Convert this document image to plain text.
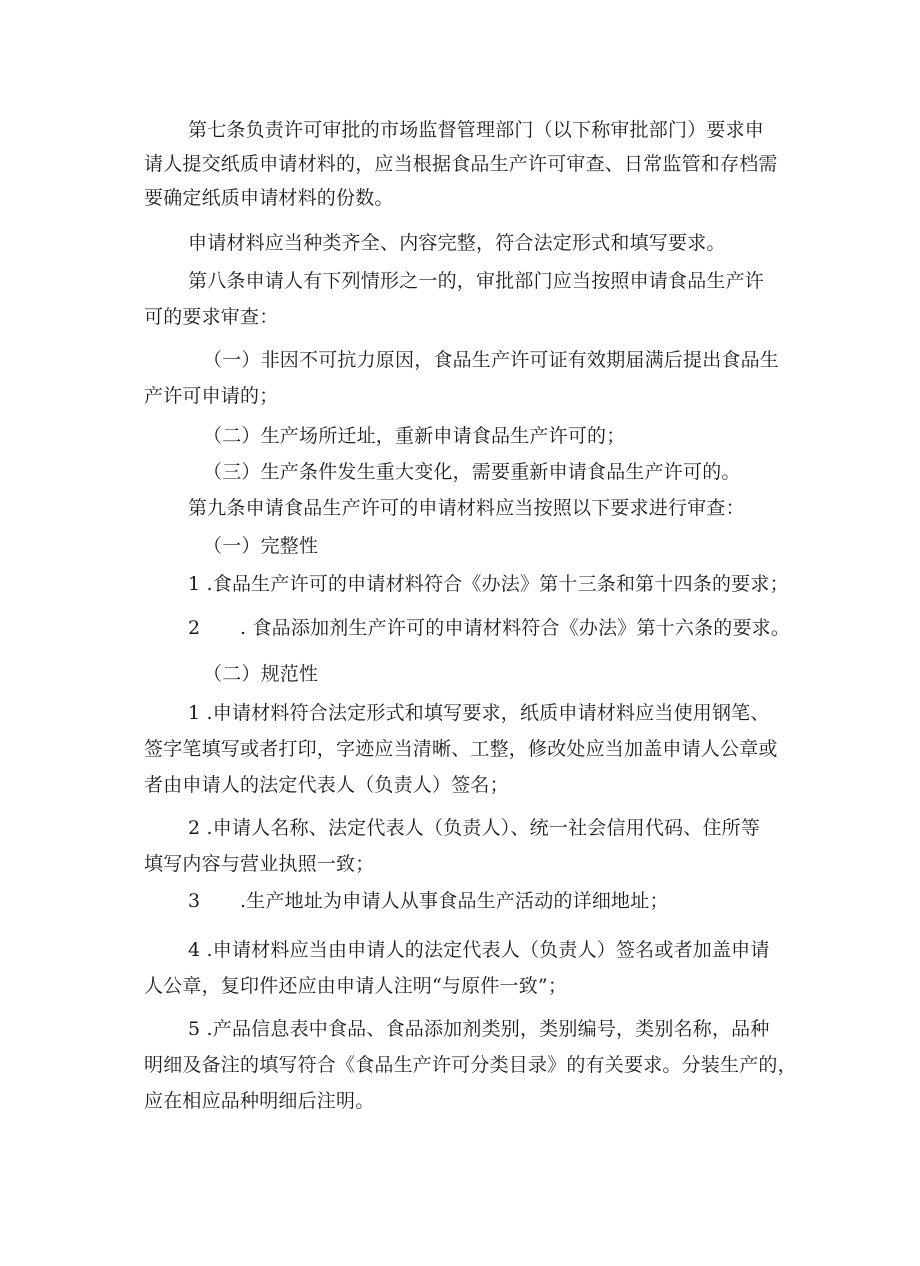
第七条负责许可审批的市场监督管理部门（以下称审批部门）要求申
请人提交纸质申请材料的，应当根据食品生产许可审查、日常监管和存档需
要确定纸质申请材料的份数。
申请材料应当种类齐全、内容完整，符合法定形式和填写要求。
第八条申请人有下列情形之一的，审批部门应当按照申请食品生产许
可的要求审查：
（一）非因不可抗力原因，食品生产许可证有效期届满后提出食品生
产许可申请的；
（二）生产场所迁址，重新申请食品生产许可的；
（三）生产条件发生重大变化，需要重新申请食品生产许可的。
第九条申请食品生产许可的申请材料应当按照以下要求进行审查：
（一）完整性
1 .食品生产许可的申请材料符合《办法》第十三条和第十四条的要求；
2 . 食品添加剂生产许可的申请材料符合《办法》第十六条的要求。
（二）规范性
1 .申请材料符合法定形式和填写要求，纸质申请材料应当使用钢笔、
签字笔填写或者打印，字迹应当清晰、工整，修改处应当加盖申请人公章或
者由申请人的法定代表人（负责人）签名；
2 .申请人名称、法定代表人（负责人）、统一社会信用代码、住所等
填写内容与营业执照一致；
3 .生产地址为申请人从事食品生产活动的详细地址；
4 .申请材料应当由申请人的法定代表人（负责人）签名或者加盖申请
人公章，复印件还应由申请人注明“与原件一致”；
5 .产品信息表中食品、食品添加剂类别，类别编号，类别名称，品种
明细及备注的填写符合《食品生产许可分类目录》的有关要求。分装生产的，
应在相应品种明细后注明。
